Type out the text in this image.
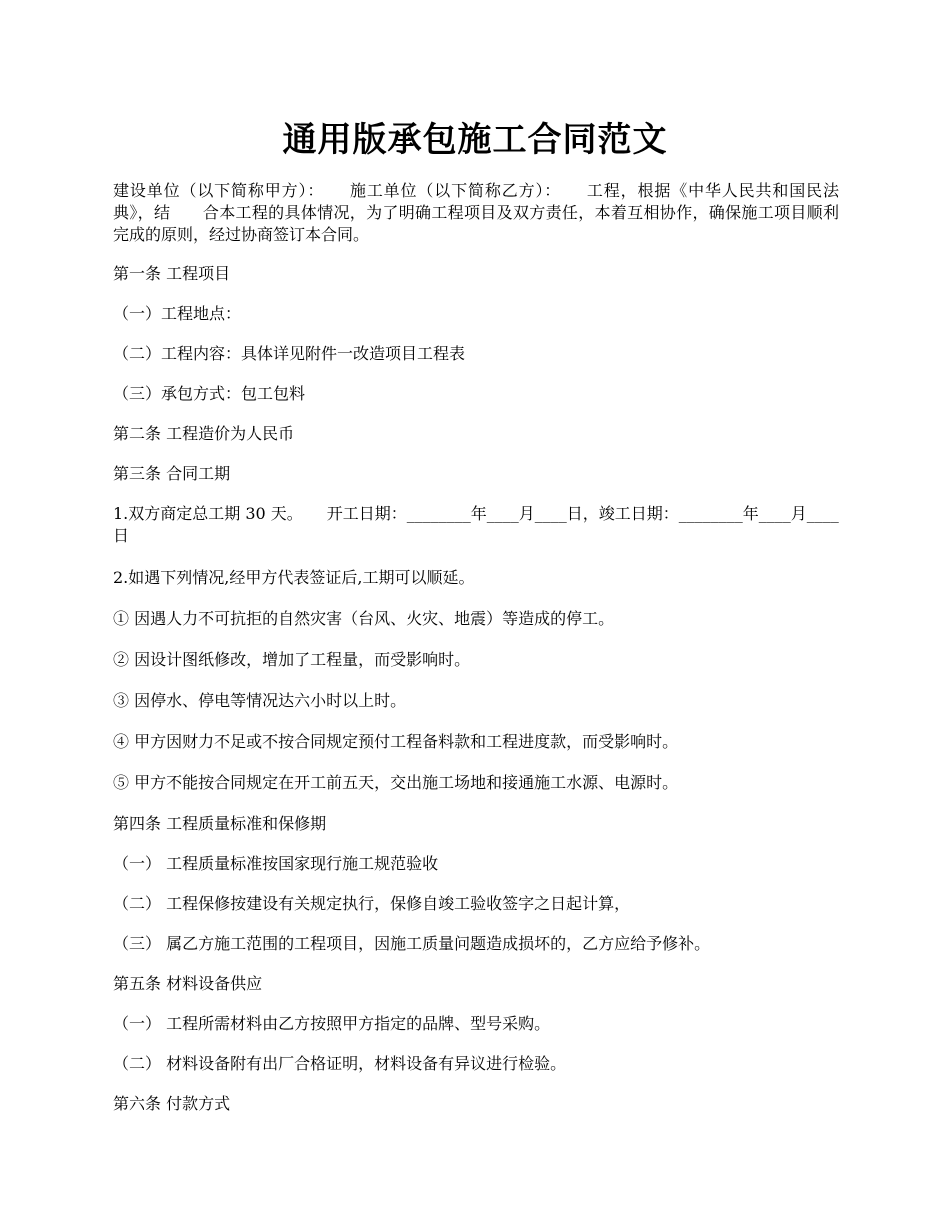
通用版承包施工合同范文

建设单位（以下简称甲方）：　　施工单位（以下简称乙方）：　　工程，根据《中华人民共和国民法典》，结　　合本工程的具体情况，为了明确工程项目及双方责任，本着互相协作，确保施工项目顺利完成的原则，经过协商签订本合同。

第一条 工程项目

（一）工程地点：

（二）工程内容：具体详见附件一改造项目工程表

（三）承包方式：包工包料

第二条 工程造价为人民币

第三条 合同工期

1.双方商定总工期 30 天。　　开工日期：________年____月____日，竣工日期：________年____月____日

2.如遇下列情况,经甲方代表签证后,工期可以顺延。

① 因遇人力不可抗拒的自然灾害（台风、火灾、地震）等造成的停工。

② 因设计图纸修改，增加了工程量，而受影响时。

③ 因停水、停电等情况达六小时以上时。

④ 甲方因财力不足或不按合同规定预付工程备料款和工程进度款，而受影响时。

⑤ 甲方不能按合同规定在开工前五天，交出施工场地和接通施工水源、电源时。

第四条 工程质量标准和保修期

（一） 工程质量标准按国家现行施工规范验收

（二） 工程保修按建设有关规定执行，保修自竣工验收签字之日起计算，

（三） 属乙方施工范围的工程项目，因施工质量问题造成损坏的，乙方应给予修补。

第五条 材料设备供应

（一） 工程所需材料由乙方按照甲方指定的品牌、型号采购。

（二） 材料设备附有出厂合格证明，材料设备有异议进行检验。

第六条 付款方式
